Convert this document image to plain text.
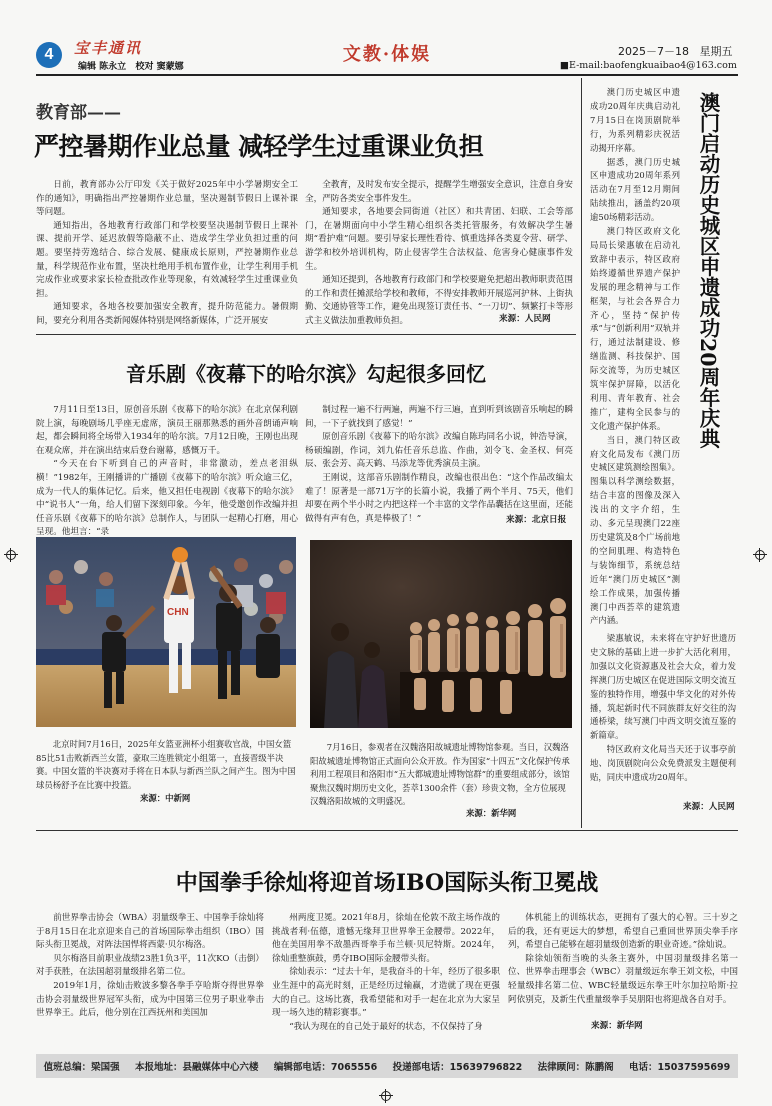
4	宝丰通讯
编辑 陈永立 校对 窦蒙娜
文教·体娱	2025－7－18 星期五
■E-mail:baofengkuaibao4@163.com
教育部——
严控暑期作业总量 减轻学生过重课业负担

日前，教育部办公厅印发《关于做好2025年中小学暑期安全工作的通知》，明确指出严控暑期作业总量，坚决遏制节假日上课补课等问题。

通知指出，各地教育行政部门和学校要坚决遏制节假日上课补课、提前开学、延迟放假等隐蔽不止、造成学生学业负担过重的问题。要坚持劳逸结合、综合发展、健康成长原则，严控暑期作业总量，科学规范作业布置，坚决杜绝用手机布置作业，让学生利用手机完成作业或要求家长检查批改作业等现象，有效减轻学生过重课业负担。

通知要求，各地各校要加强安全教育，提升防范能力。暑假期间，要充分利用各类新闻媒体特别是网络新媒体，广泛开展安

全教育，及时发布安全提示，提醒学生增强安全意识，注意自身安全，严防各类安全事件发生。

通知要求，各地要会同街道（社区）和共青团、妇联、工会等部门，在暑期面向中小学生精心组织各类托管服务，有效解决学生暑期“看护难”问题。要引导家长理性看待、慎重选择各类夏令营、研学、游学和校外培训机构，防止侵害学生合法权益、危害身心健康事件发生。

通知还提到，各地教育行政部门和学校要避免把超出教师职责范围的工作和责任摊派给学校和教师，不得安排教师开展巡河护林、上街执勤、交通协管等工作，避免出现签订责任书、“一刀切”、频繁打卡等形式主义做法加重教师负担。	来源：人民网
音乐剧《夜幕下的哈尔滨》勾起很多回忆

7月11日至13日，原创音乐剧《夜幕下的哈尔滨》在北京保利剧院上演，每晚剧场几乎座无虚席，演员王丽那熟悉的画外音朗诵声响起，都会瞬间将全场带入1934年的哈尔滨。7月12日晚，王刚也出现在观众席，并在演出结束后登台谢幕，感慨万千。

“今天在台下听到自己的声音时，非常激动，差点老泪纵横！”1982年，王刚播讲的广播剧《夜幕下的哈尔滨》听众逾三亿，成为一代人的集体记忆。后来，他又担任电视剧《夜幕下的哈尔滨》中“说书人”一角，给人们留下深刻印象。今年，他受邀创作改编并担任音乐剧《夜幕下的哈尔滨》总制作人，与团队一起精心打磨，用心呈现。他坦言：“录

制过程一遍不行两遍，两遍不行三遍，直到听到该剧音乐响起的瞬间，一下子就找到了感觉！”

原创音乐剧《夜幕下的哈尔滨》改编自陈玙同名小说，钟浩导演，杨硕编剧，作词，刘九佑任音乐总监、作曲，刘令飞、金圣权、何亮辰、张会芳、高天鹤、马添龙等优秀演员主演。

王刚说，这部音乐剧制作精良，改编也很出色：“这个作品改编太难了！原著是一部71万字的长篇小说，我播了两个半月、75天，他们却要在两个半小时之内把这样一个丰富的文学作品囊括在这里面，还能做得有声有色，真是棒极了！”	来源：北京日报
CHN

北京时间7月16日，2025年女篮亚洲杯小组赛收官战，中国女篮85比51击败新西兰女篮，豪取三连胜锁定小组第一，直接晋级半决赛。中国女篮的半决赛对手将在日本队与新西兰队之间产生。图为中国球员杨舒予在比赛中投篮。

来源：中新网

7月16日，参观者在汉魏洛阳故城遗址博物馆参观。当日，汉魏洛阳故城遗址博物馆正式面向公众开放。作为国家“十四五”文化保护传承利用工程项目和洛阳市“五大都城遗址博物馆群”的重要组成部分，该馆聚焦汉魏时期历史文化，荟萃1300余件（套）珍贵文物，全方位展现汉魏洛阳故城的文明盛况。

来源：新华网

澳门历史城区申遗成功20周年庆典启动礼7月15日在岗顶剧院举行，为系列精彩庆祝活动揭开序幕。

据悉，澳门历史城区申遗成功20周年系列活动在7月至12月期间陆续推出，涵盖约20项逾50场精彩活动。

澳门特区政府文化局局长梁惠敏在启动礼致辞中表示，特区政府始终遵循世界遗产保护发展的理念精神与工作框架，与社会各界合力齐心，坚持“保护传承”与“创新利用”双轨并行，通过法制建设、修缮监测、科技保护、国际交流等，为历史城区筑牢保护屏障，以活化利用、青年教育、社会推广，建构全民参与的文化遗产保护体系。

当日，澳门特区政府文化局发布《澳门历史城区建筑测绘图集》。图集以科学测绘数据，结合丰富的图像及深入浅出的文字介绍，生动、多元呈现澳门22座历史建筑及8个广场前地的空间肌理、构造特色与装饰细节，系统总结近年“澳门历史城区”测绘工作成果，加强传播澳门中西荟萃的建筑遗产内涵。

梁惠敏说，未来将在守护好世遗历史文脉的基础上进一步扩大活化利用，加强以文化资源惠及社会大众，着力发挥澳门历史城区在促进国际文明交流互鉴的独特作用，增强中华文化的对外传播，筑起新时代不同族群友好交往的沟通桥梁，续写澳门中西文明交流互鉴的新篇章。

特区政府文化局当天还于议事亭前地、岗顶剧院向公众免费派发主题便利贴，同庆申遗成功20周年。

来源：人民网
澳门启动历史城区申遗成功20周年庆典
中国拳手徐灿将迎首场IBO国际头衔卫冕战

前世界拳击协会（WBA）羽量级拳王、中国拳手徐灿将于8月15日在北京迎来自己的首场国际拳击组织（IBO）国际头衔卫冕战，对阵法国悍将西蒙·贝尔梅洛。

贝尔梅洛目前职业战绩23胜1负3平，11次KO（击倒）对手获胜，在法国超羽量级排名第二位。

2019年1月，徐灿击败波多黎各拳手亨哈斯夺得世界拳击协会羽量级世界冠军头衔，成为中国第三位男子职业拳击世界拳王。此后，他分别在江西抚州和美国加

州两度卫冕。2021年8月，徐灿在伦敦不敌主场作战的挑战者利·伍德，遗憾无缘拜卫世界拳王金腰带。2022年，他在美国用拳不敌墨西哥拳手布兰顿·贝尼特斯。2024年，徐灿重整旗鼓，勇夺IBO国际金腰带头衔。

徐灿表示：“过去十年，是我奋斗的十年，经历了很多职业生涯中的高光时刻，正是经历过输赢，才造就了现在更强大的自己。这场比赛，我希望能和对手一起在北京为大家呈现一场久违的精彩赛事。”

“我认为现在的自己处于最好的状态，不仅保持了身

体机能上的训练状态，更拥有了强大的心智。三十岁之后的我，还有更远大的梦想，希望自己重回世界顶尖拳手序列，希望自己能够在超羽量级创造新的职业奇迹。”徐灿说。

除徐灿领衔当晚的头条主赛外，中国羽量级排名第一位、世界拳击理事会（WBC）羽量级远东拳王刘文松，中国轻量级排名第二位、WBC轻量级远东拳王叶尔加拉哈斯·拉阿依别克，及新生代重量级拳手吴朋阳也将迎战各自对手。

来源：新华网
值班总编：梁国强 本报地址：县融媒体中心六楼 编辑部电话：7065556 投递部电话：15639796822 法律顾问：陈鹏阁 电话：15037595699
